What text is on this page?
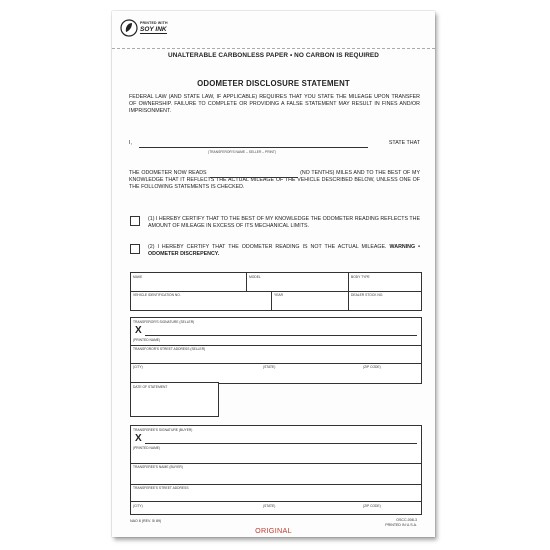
PRINTED WITH
SOY INK
UNALTERABLE CARBONLESS PAPER • NO CARBON IS REQUIRED
ODOMETER DISCLOSURE STATEMENT
FEDERAL LAW (AND STATE LAW, IF APPLICABLE) REQUIRES THAT YOU STATE THE MILEAGE UPON TRANSFER OF OWNERSHIP. FAILURE TO COMPLETE OR PROVIDING A FALSE STATEMENT MAY RESULT IN FINES AND/OR IMPRISONMENT.
I,	STATE THAT
(TRANSFEROR'S NAME – SELLER – PRINT)
THE ODOMETER NOW READS	(NO TENTHS) MILES AND TO THE BEST OF MY KNOWLEDGE THAT IT REFLECTS THE ACTUAL MILEAGE OF THE VEHICLE DESCRIBED BELOW, UNLESS ONE OF THE FOLLOWING STATEMENTS IS CHECKED.
(1) I HEREBY CERTIFY THAT TO THE BEST OF MY KNOWLEDGE THE ODOMETER READING REFLECTS THE AMOUNT OF MILEAGE IN EXCESS OF ITS MECHANICAL LIMITS.
(2) I HEREBY CERTIFY THAT THE ODOMETER READING IS NOT THE ACTUAL MILEAGE. WARNING • ODOMETER DISCREPENCY.
MAKE	MODEL	BODY TYPE
VEHICLE IDENTIFICATION NO.	YEAR	DEALER STOCK NO.
TRANSFEROR'S SIGNATURE (SELLER)
X
(PRINTED NAME)
TRANSFOROR'S STREET ADDRESS (SELLER)
(CITY)	(STATE)	(ZIP CODE)
DATE OF STATEMENT
TRANSFEREE'S SIGNATURE (BUYER)
X
(PRINTED NAME)
TRANSFEREE'S NAME (BUYER)
TRANSFEREE'S STREET ADDRESS
(CITY)	(STATE)	(ZIP CODE)
NAO 8 (REV. 5/ 89)	OSCC-008-3
PRINTED IN U.S.A.
ORIGINAL
